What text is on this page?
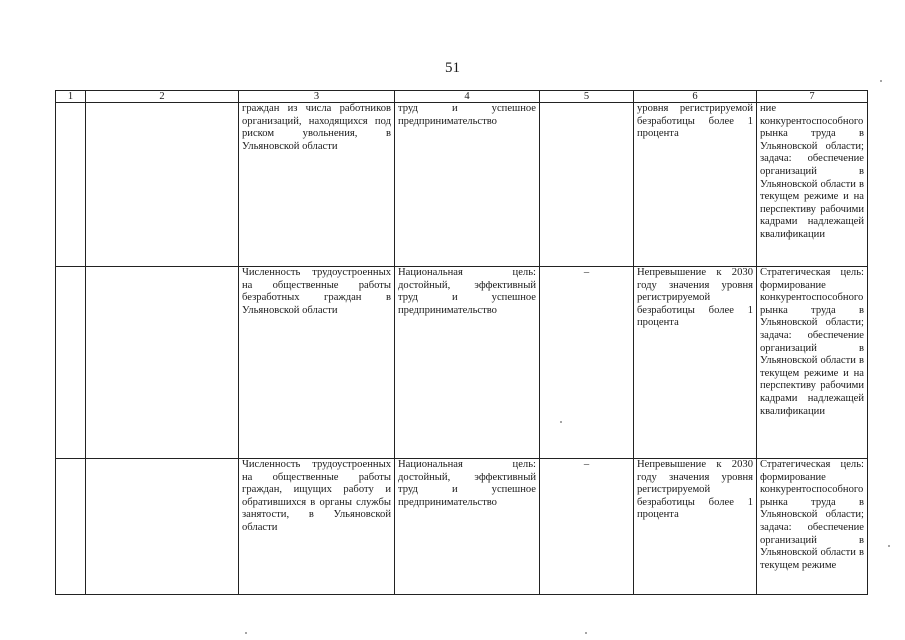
51
1	2	3	4	5	6	7
		граждан из числа работников организаций, находящихся под риском увольнения, в Ульяновской области	труд и успешное предпринимательство		уровня регистрируемой безработицы более 1 процента	ние конкурентоспособного рынка труда в Ульяновской области; задача: обеспечение организаций в Ульяновской области в текущем режиме и на перспективу рабочими кадрами надлежащей квалификации
		Численность трудоустроенных на общественные работы безработных граждан в Ульяновской области	Национальная цель: достойный, эффективный труд и успешное предпринимательство	–	Непревышение к 2030 году значения уровня регистрируемой безработицы более 1 процента	Стратегическая цель: формирование конкурентоспособного рынка труда в Ульяновской области; задача: обеспечение организаций в Ульяновской области в текущем режиме и на перспективу рабочими кадрами надлежащей квалификации
		Численность трудоустроенных на общественные работы граждан, ищущих работу и обратившихся в органы службы занятости, в Ульяновской области	Национальная цель: достойный, эффективный труд и успешное предпринимательство	–	Непревышение к 2030 году значения уровня регистрируемой безработицы более 1 процента	Стратегическая цель: формирование конкурентоспособного рынка труда в Ульяновской области; задача: обеспечение организаций в Ульяновской области в текущем режиме
